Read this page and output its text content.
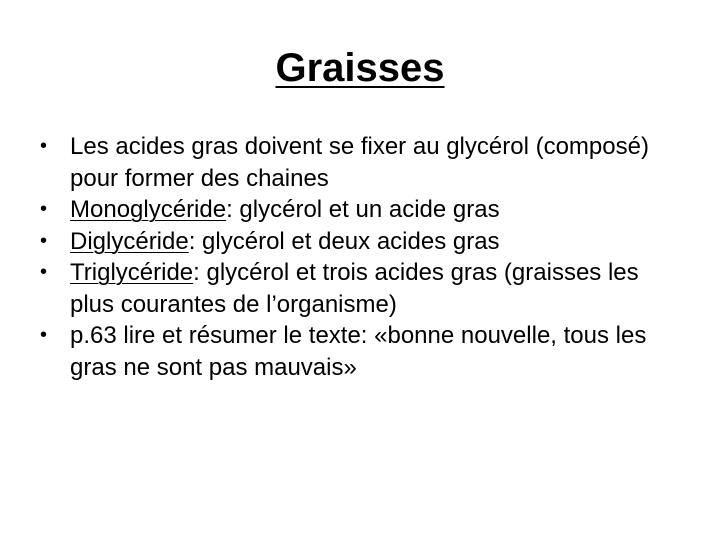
Graisses
• Les acides gras doivent se fixer au glycérol (composé) pour former des chaines
• Monoglycéride: glycérol et un acide gras
• Diglycéride: glycérol et deux acides gras
• Triglycéride: glycérol et trois acides gras (graisses les plus courantes de l’organisme)
• p.63 lire et résumer le texte: «bonne nouvelle, tous les gras ne sont pas mauvais»
